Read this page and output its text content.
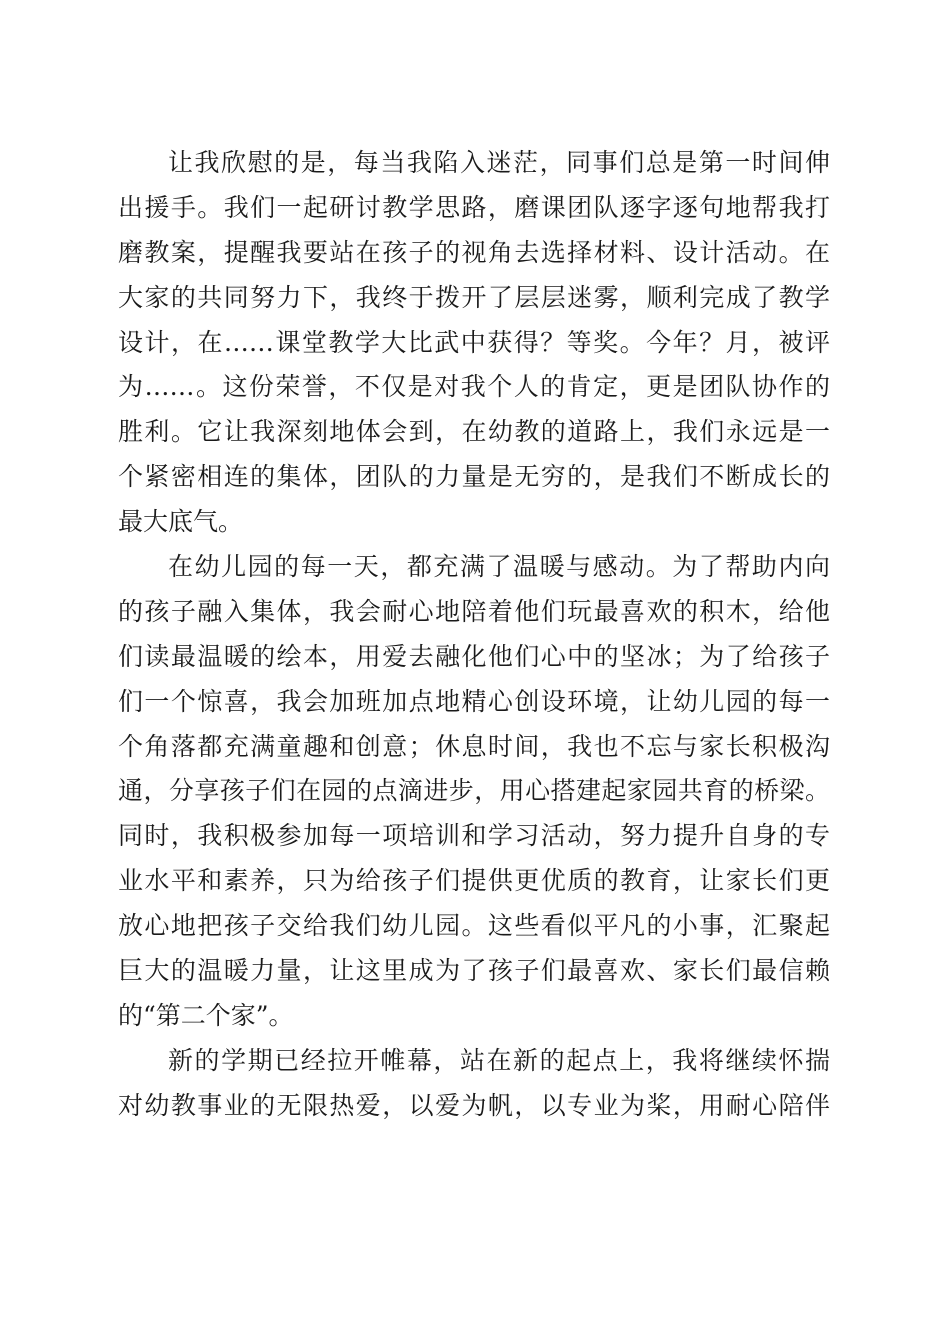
让我欣慰的是，每当我陷入迷茫，同事们总是第一时间伸
出援手。我们一起研讨教学思路，磨课团队逐字逐句地帮我打
磨教案，提醒我要站在孩子的视角去选择材料、设计活动。在
大家的共同努力下，我终于拨开了层层迷雾，顺利完成了教学
设计，在……课堂教学大比武中获得？等奖。今年？月，被评
为……。这份荣誉，不仅是对我个人的肯定，更是团队协作的
胜利。它让我深刻地体会到，在幼教的道路上，我们永远是一
个紧密相连的集体，团队的力量是无穷的，是我们不断成长的
最大底气。
在幼儿园的每一天，都充满了温暖与感动。为了帮助内向
的孩子融入集体，我会耐心地陪着他们玩最喜欢的积木，给他
们读最温暖的绘本，用爱去融化他们心中的坚冰；为了给孩子
们一个惊喜，我会加班加点地精心创设环境，让幼儿园的每一
个角落都充满童趣和创意；休息时间，我也不忘与家长积极沟
通，分享孩子们在园的点滴进步，用心搭建起家园共育的桥梁。
同时，我积极参加每一项培训和学习活动，努力提升自身的专
业水平和素养，只为给孩子们提供更优质的教育，让家长们更
放心地把孩子交给我们幼儿园。这些看似平凡的小事，汇聚起
巨大的温暖力量，让这里成为了孩子们最喜欢、家长们最信赖
的“第二个家”。
新的学期已经拉开帷幕，站在新的起点上，我将继续怀揣
对幼教事业的无限热爱，以爱为帆，以专业为桨，用耐心陪伴
